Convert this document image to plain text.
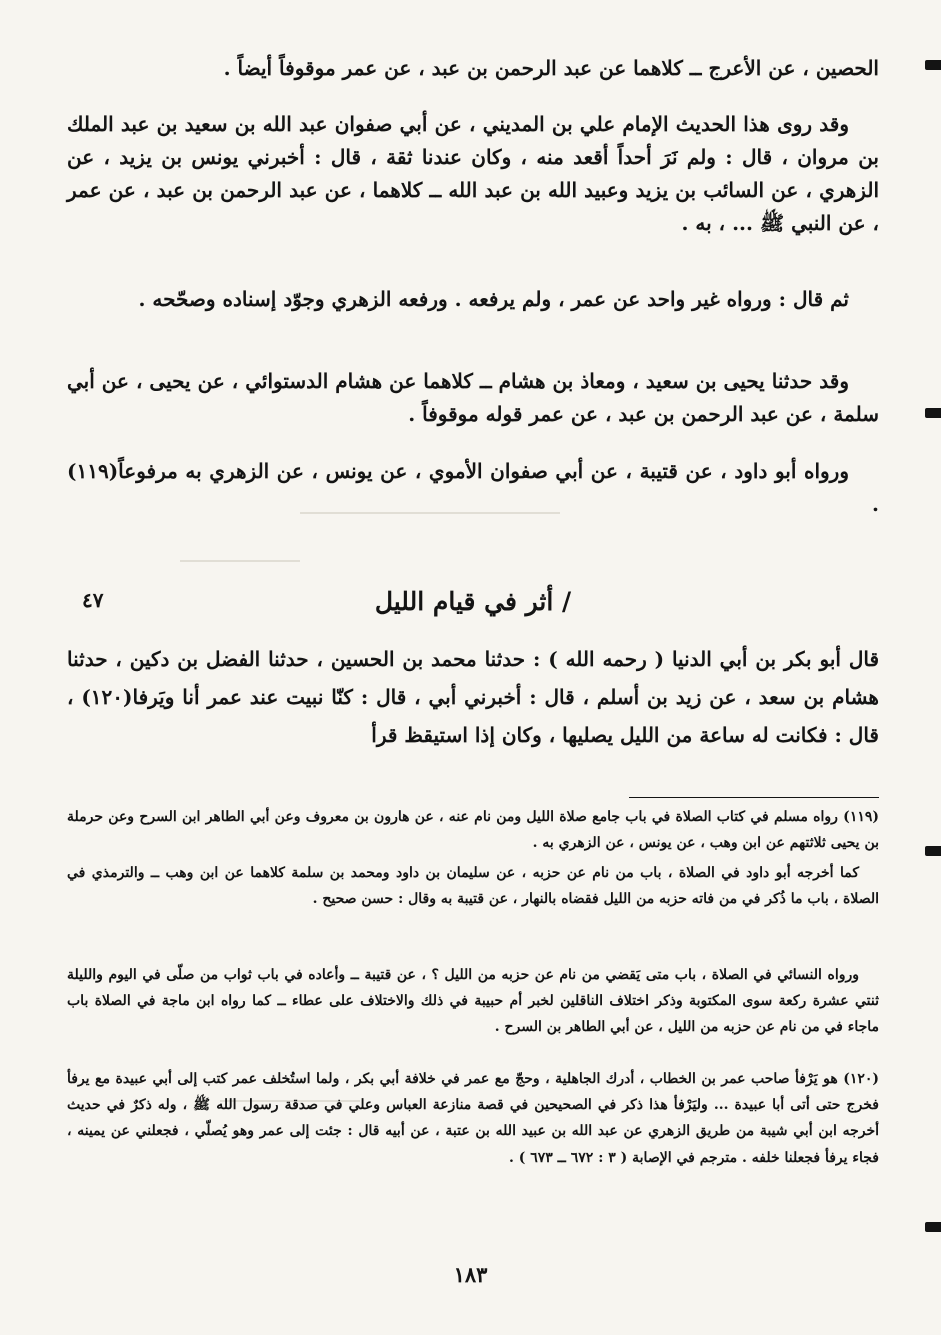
الحصين ، عن الأعرج ــ كلاهما عن عبد الرحمن بن عبد ، عن عمر موقوفاً أيضاً .
وقد روى هذا الحديث الإمام علي بن المديني ، عن أبي صفوان عبد الله بن سعيد بن عبد الملك بن مروان ، قال : ولم نَرَ أحداً أقعد منه ، وكان عندنا ثقة ، قال : أخبرني يونس بن يزيد ، عن الزهري ، عن السائب بن يزيد وعبيد الله بن عبد الله ــ كلاهما ، عن عبد الرحمن بن عبد ، عن عمر ، عن النبي ﷺ ... ، به .
ثم قال : ورواه غير واحد عن عمر ، ولم يرفعه . ورفعه الزهري وجوّد إسناده وصحّحه .
وقد حدثنا يحيى بن سعيد ، ومعاذ بن هشام ــ كلاهما عن هشام الدستوائي ، عن يحيى ، عن أبي سلمة ، عن عبد الرحمن بن عبد ، عن عمر قوله موقوفاً .
ورواه أبو داود ، عن قتيبة ، عن أبي صفوان الأموي ، عن يونس ، عن الزهري به مرفوعاً(١١٩) .
/ أثر في قيام الليل
٤٧
قال أبو بكر بن أبي الدنيا ( رحمه الله ) : حدثنا محمد بن الحسين ، حدثنا الفضل بن دكين ، حدثنا هشام بن سعد ، عن زيد بن أسلم ، قال : أخبرني أبي ، قال : كنّا نبيت عند عمر أنا ويَرفا(١٢٠) ، قال : فكانت له ساعة من الليل يصليها ، وكان إذا استيقظ قرأ
(١١٩) رواه مسلم في كتاب الصلاة في باب جامع صلاة الليل ومن نام عنه ، عن هارون بن معروف وعن أبي الطاهر ابن السرح وعن حرملة بن يحيى ثلاثتهم عن ابن وهب ، عن يونس ، عن الزهري به .
كما أخرجه أبو داود في الصلاة ، باب من نام عن حزبه ، عن سليمان بن داود ومحمد بن سلمة كلاهما عن ابن وهب ــ والترمذي في الصلاة ، باب ما ذُكر في من فاته حزبه من الليل فقضاه بالنهار ، عن قتيبة به وقال : حسن صحيح .
ورواه النسائي في الصلاة ، باب متى يَقضي من نام عن حزبه من الليل ؟ ، عن قتيبة ــ وأعاده في باب ثواب من صلّى في اليوم والليلة ثنتي عشرة ركعة سوى المكتوبة وذكر اختلاف الناقلين لخبر أم حبيبة في ذلك والاختلاف على عطاء ــ كما رواه ابن ماجة في الصلاة باب ماجاء في من نام عن حزبه من الليل ، عن أبي الطاهر بن السرح .
(١٢٠) هو يَرْفأ صاحب عمر بن الخطاب ، أدرك الجاهلية ، وحجّ مع عمر في خلافة أبي بكر ، ولما استُخلف عمر كتب إلى أبي عبيدة مع يرفأ فخرج حتى أتى أبا عبيدة ... وليَرْفأ هذا ذكر في الصحيحين في قصة منازعة العباس وعلي في صدقة رسول الله ﷺ ، وله ذكرٌ في حديث أخرجه ابن أبي شيبة من طريق الزهري عن عبد الله بن عبيد الله بن عتبة ، عن أبيه قال : جئت إلى عمر وهو يُصلّي ، فجعلني عن يمينه ، فجاء يرفأ فجعلنا خلفه . مترجم في الإصابة ( ٣ : ٦٧٢ ــ ٦٧٣ ) .
١٨٣
